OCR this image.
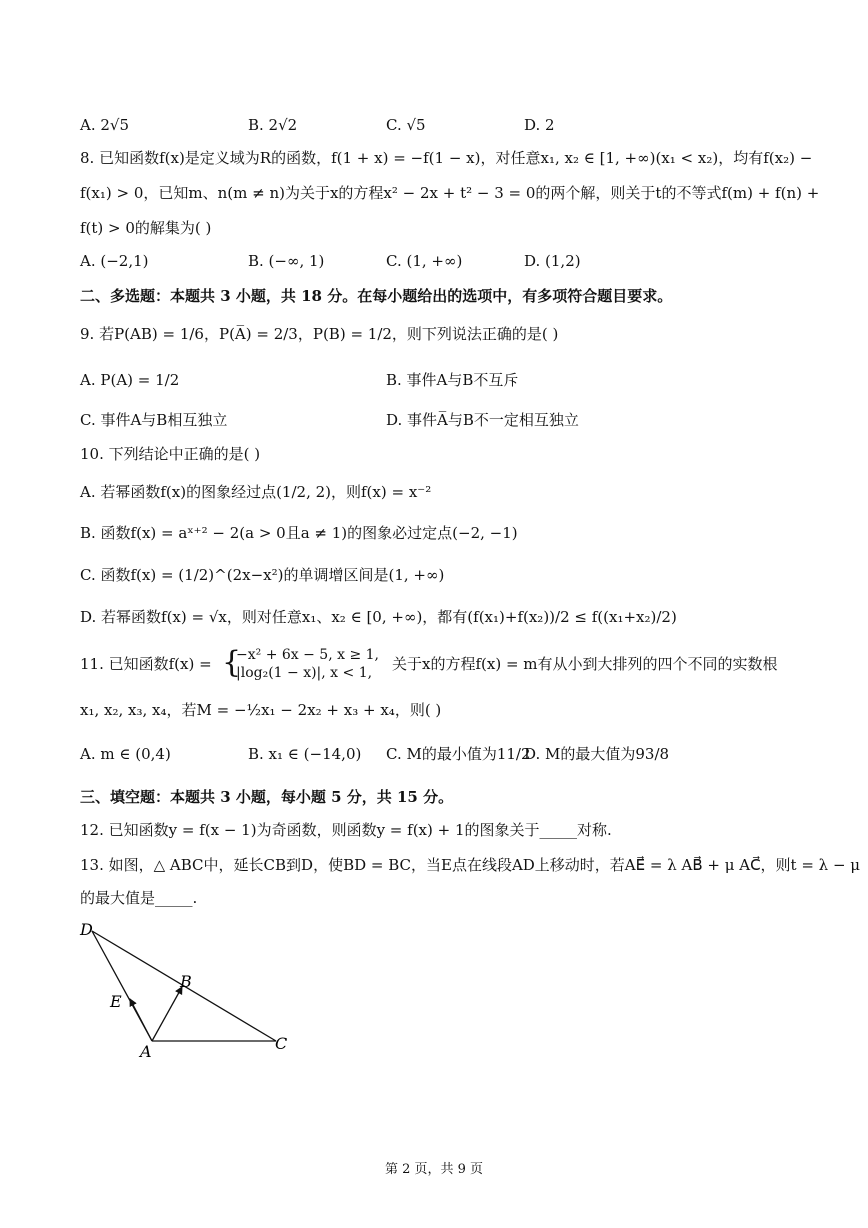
A. 2√5	B. 2√2	C. √5	D. 2
8. 已知函数f(x)是定义域为R的函数，f(1 + x) = −f(1 − x)，对任意x₁, x₂ ∈ [1, +∞)(x₁ < x₂)，均有f(x₂) −
f(x₁) > 0，已知m、n(m ≠ n)为关于x的方程x² − 2x + t² − 3 = 0的两个解，则关于t的不等式f(m) + f(n) +
f(t) > 0的解集为( )
A. (−2,1)	B. (−∞, 1)	C. (1, +∞)	D. (1,2)
二、多选题：本题共 3 小题，共 18 分。在每小题给出的选项中，有多项符合题目要求。
9. 若P(AB) = 1/6，P(A̅) = 2/3，P(B) = 1/2，则下列说法正确的是( )
A. P(A) = 1/2	B. 事件A与B不互斥
C. 事件A与B相互独立	D. 事件A̅与B不一定相互独立
10. 下列结论中正确的是( )
A. 若幂函数f(x)的图象经过点(1/2, 2)，则f(x) = x⁻²
B. 函数f(x) = aˣ⁺² − 2(a > 0且a ≠ 1)的图象必过定点(−2, −1)
C. 函数f(x) = (1/2)^(2x−x²)的单调增区间是(1, +∞)
D. 若幂函数f(x) = √x，则对任意x₁、x₂ ∈ [0, +∞)，都有(f(x₁)+f(x₂))/2 ≤ f((x₁+x₂)/2)
11. 已知函数f(x) = {
−x² + 6x − 5, x ≥ 1,
|log₂(1 − x)|, x < 1, 关于x的方程f(x) = m有从小到大排列的四个不同的实数根
x₁, x₂, x₃, x₄，若M = −½x₁ − 2x₂ + x₃ + x₄，则( )
A. m ∈ (0,4)	B. x₁ ∈ (−14,0) C. M的最小值为11/2
D. M的最大值为93/8
三、填空题：本题共 3 小题，每小题 5 分，共 15 分。
12. 已知函数y = f(x − 1)为奇函数，则函数y = f(x) + 1的图象关于_____对称.
13. 如图，△ ABC中，延长CB到D，使BD = BC，当E点在线段AD上移动时，若AE⃗ = λ AB⃗ + μ AC⃗，则t = λ − μ
的最大值是_____.
D
E
B
A	C
第 2 页，共 9 页
